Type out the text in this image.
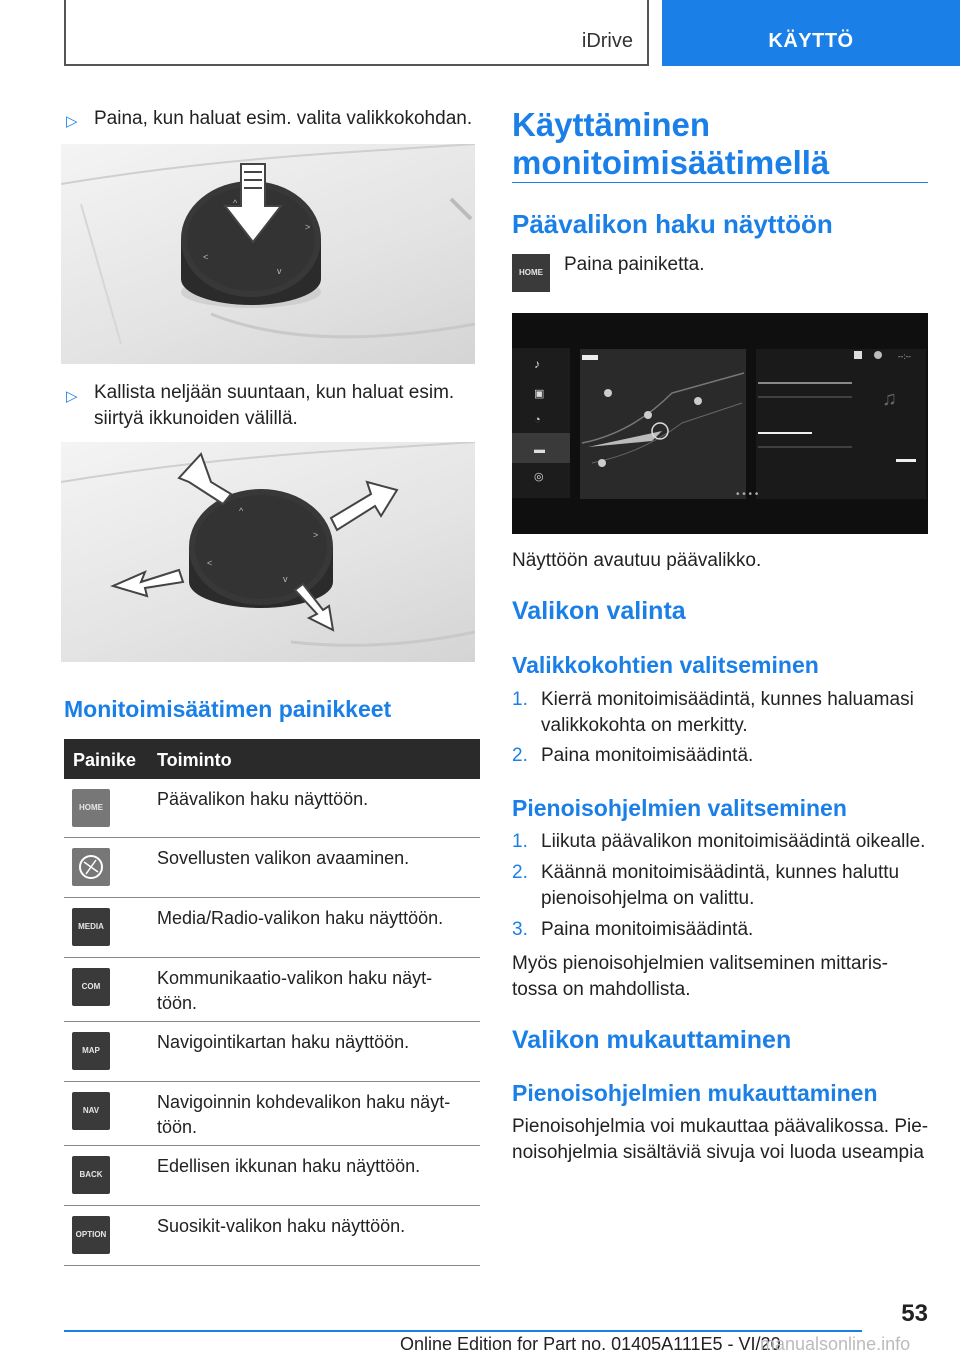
iDrive	KÄYTTÖ
▷ Paina, kun haluat esim. valita valikkokohdan.
^
>
<
v
▷ Kallista neljään suuntaan, kun haluat esim.
siirtyä ikkunoiden välillä.
^
>
<
v
Monitoimisäätimen painikkeet
Painike Toiminto
HOME	Päävalikon haku näyttöön.
Sovellusten valikon avaaminen.
MEDIA	Media/Radio-valikon haku näyttöön.
COM	Kommunikaatio-valikon haku näyt-
töön.
MAP	Navigointikartan haku näyttöön.
NAV	Navigoinnin kohdevalikon haku näyt-
töön.
BACK	Edellisen ikkunan haku näyttöön.
OPTION	Suosikit-valikon haku näyttöön.
Käyttäminen
monitoimisäätimellä
Päävalikon haku näyttöön
HOME	Paina painiketta.
♪
▣
◔
▬
◎
♫
--:--
• • • •
Näyttöön avautuu päävalikko.
Valikon valinta
Valikkokohtien valitseminen
1. Kierrä monitoimisäädintä, kunnes haluamasi
valikkokohta on merkitty.
2. Paina monitoimisäädintä.
Pienoisohjelmien valitseminen
1. Liikuta päävalikon monitoimisäädintä oikealle.
2. Käännä monitoimisäädintä, kunnes haluttu
pienoisohjelma on valittu.
3. Paina monitoimisäädintä.
Myös pienoisohjelmien valitseminen mittaris-
tossa on mahdollista.
Valikon mukauttaminen
Pienoisohjelmien mukauttaminen
Pienoisohjelmia voi mukauttaa päävalikossa. Pie-
noisohjelmia sisältäviä sivuja voi luoda useampia
53
Online Edition for Part no. 01405A111E5 - VI/20
manualsonline.info
